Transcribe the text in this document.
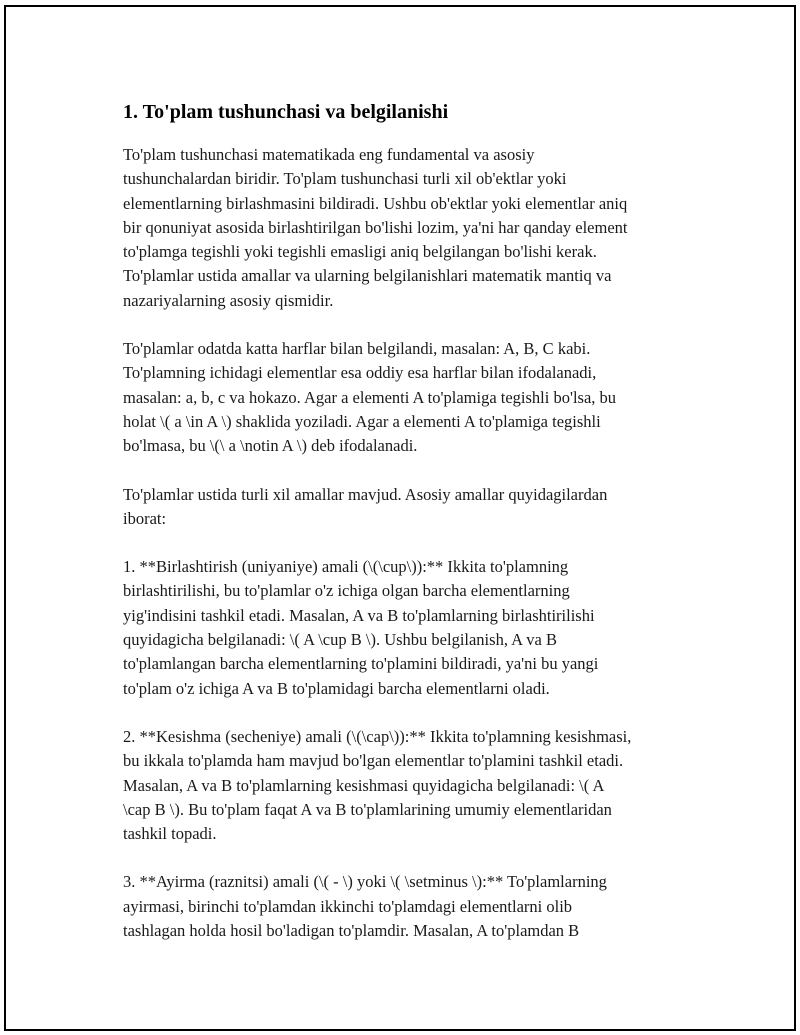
1. To'plam tushunchasi va belgilanishi

To'plam tushunchasi matematikada eng fundamental va asosiy
tushunchalardan biridir. To'plam tushunchasi turli xil ob'ektlar yoki
elementlarning birlashmasini bildiradi. Ushbu ob'ektlar yoki elementlar aniq
bir qonuniyat asosida birlashtirilgan bo'lishi lozim, ya'ni har qanday element
to'plamga tegishli yoki tegishli emasligi aniq belgilangan bo'lishi kerak.
To'plamlar ustida amallar va ularning belgilanishlari matematik mantiq va
nazariyalarning asosiy qismidir.

To'plamlar odatda katta harflar bilan belgilandi, masalan: A, B, C kabi.
To'plamning ichidagi elementlar esa oddiy esa harflar bilan ifodalanadi,
masalan: a, b, c va hokazo. Agar a elementi A to'plamiga tegishli bo'lsa, bu
holat \( a \in A \) shaklida yoziladi. Agar a elementi A to'plamiga tegishli
bo'lmasa, bu \(\ a \notin A \) deb ifodalanadi.

To'plamlar ustida turli xil amallar mavjud. Asosiy amallar quyidagilardan
iborat:

1. **Birlashtirish (uniyaniye) amali (\(\cup\)):** Ikkita to'plamning
birlashtirilishi, bu to'plamlar o'z ichiga olgan barcha elementlarning
yig'indisini tashkil etadi. Masalan, A va B to'plamlarning birlashtirilishi
quyidagicha belgilanadi: \( A \cup B \). Ushbu belgilanish, A va B
to'plamlangan barcha elementlarning to'plamini bildiradi, ya'ni bu yangi
to'plam o'z ichiga A va B to'plamidagi barcha elementlarni oladi.

2. **Kesishma (secheniye) amali (\(\cap\)):** Ikkita to'plamning kesishmasi,
bu ikkala to'plamda ham mavjud bo'lgan elementlar to'plamini tashkil etadi.
Masalan, A va B to'plamlarning kesishmasi quyidagicha belgilanadi: \( A
\cap B \). Bu to'plam faqat A va B to'plamlarining umumiy elementlaridan
tashkil topadi.

3. **Ayirma (raznitsi) amali (\( - \) yoki \( \setminus \):** To'plamlarning
ayirmasi, birinchi to'plamdan ikkinchi to'plamdagi elementlarni olib
tashlagan holda hosil bo'ladigan to'plamdir. Masalan, A to'plamdan B
